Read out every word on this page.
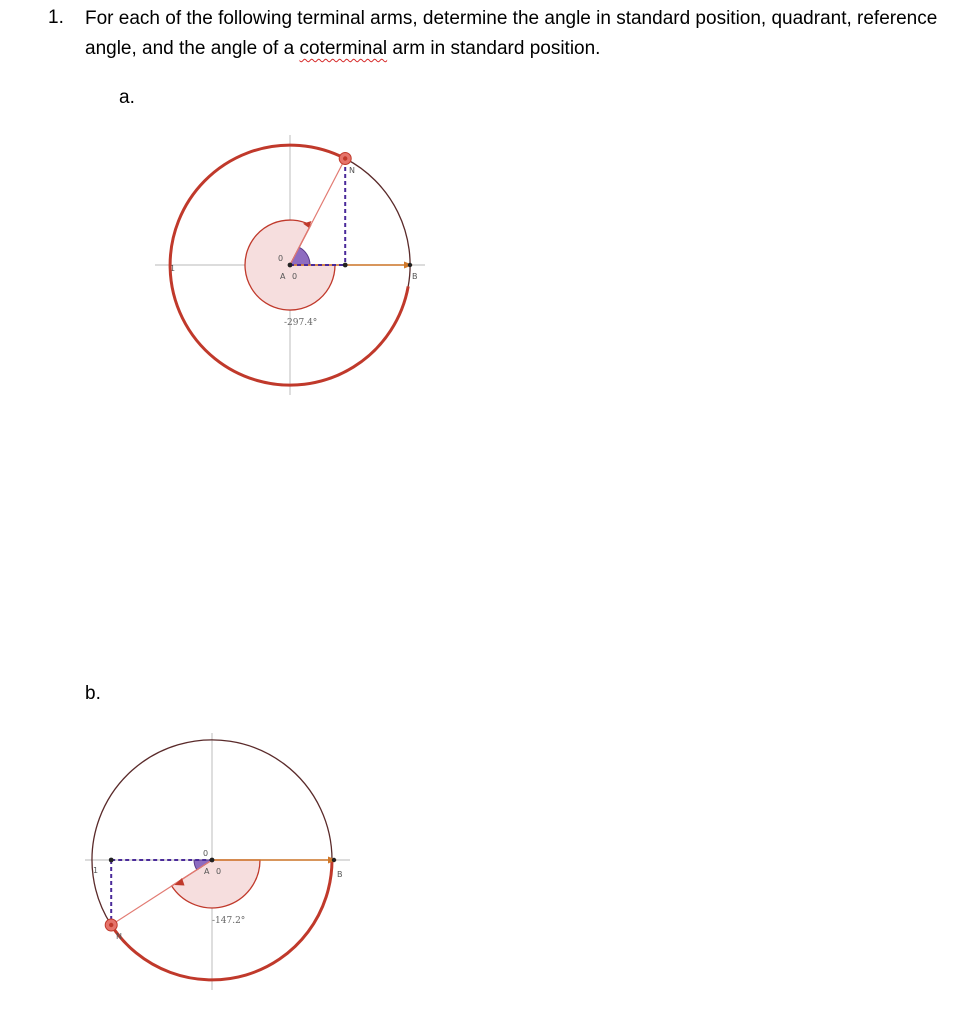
1. For each of the following terminal arms, determine the angle in standard position, quadrant, reference angle, and the angle of a coterminal arm in standard position.
a.
1
N
B
A 0
0
-297.4°
b.
1
N
B
A 0
0
-147.2°
